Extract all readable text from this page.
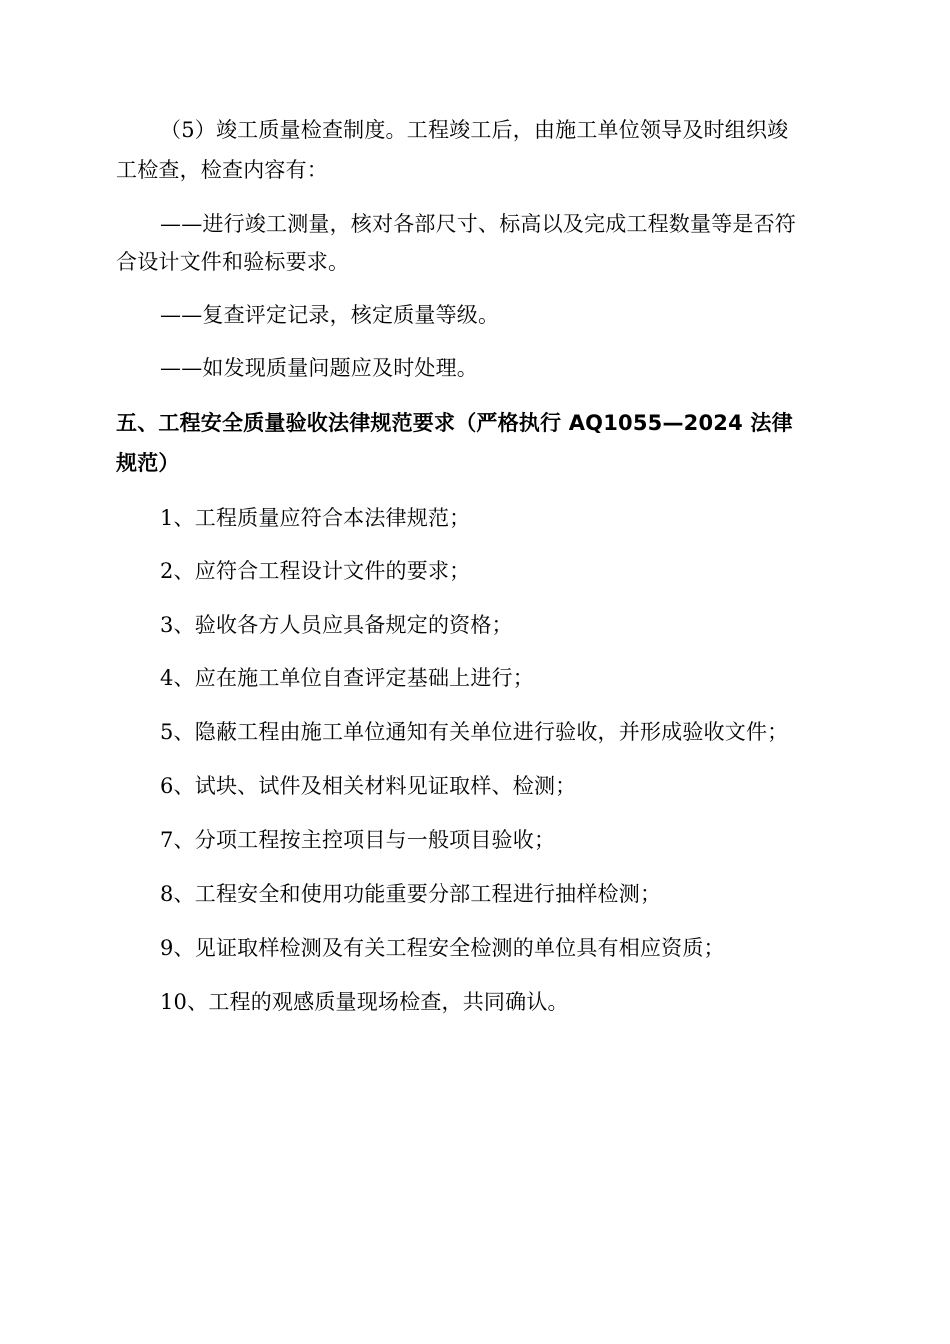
（5）竣工质量检查制度。工程竣工后，由施工单位领导及时组织竣
工检查，检查内容有：
——进行竣工测量，核对各部尺寸、标高以及完成工程数量等是否符
合设计文件和验标要求。
——复查评定记录，核定质量等级。
——如发现质量问题应及时处理。
五、工程安全质量验收法律规范要求（严格执行 AQ1055—2024 法律
规范）
1、工程质量应符合本法律规范；
2、应符合工程设计文件的要求；
3、验收各方人员应具备规定的资格；
4、应在施工单位自查评定基础上进行；
5、隐蔽工程由施工单位通知有关单位进行验收，并形成验收文件；
6、试块、试件及相关材料见证取样、检测；
7、分项工程按主控项目与一般项目验收；
8、工程安全和使用功能重要分部工程进行抽样检测；
9、见证取样检测及有关工程安全检测的单位具有相应资质；
10、工程的观感质量现场检查，共同确认。
